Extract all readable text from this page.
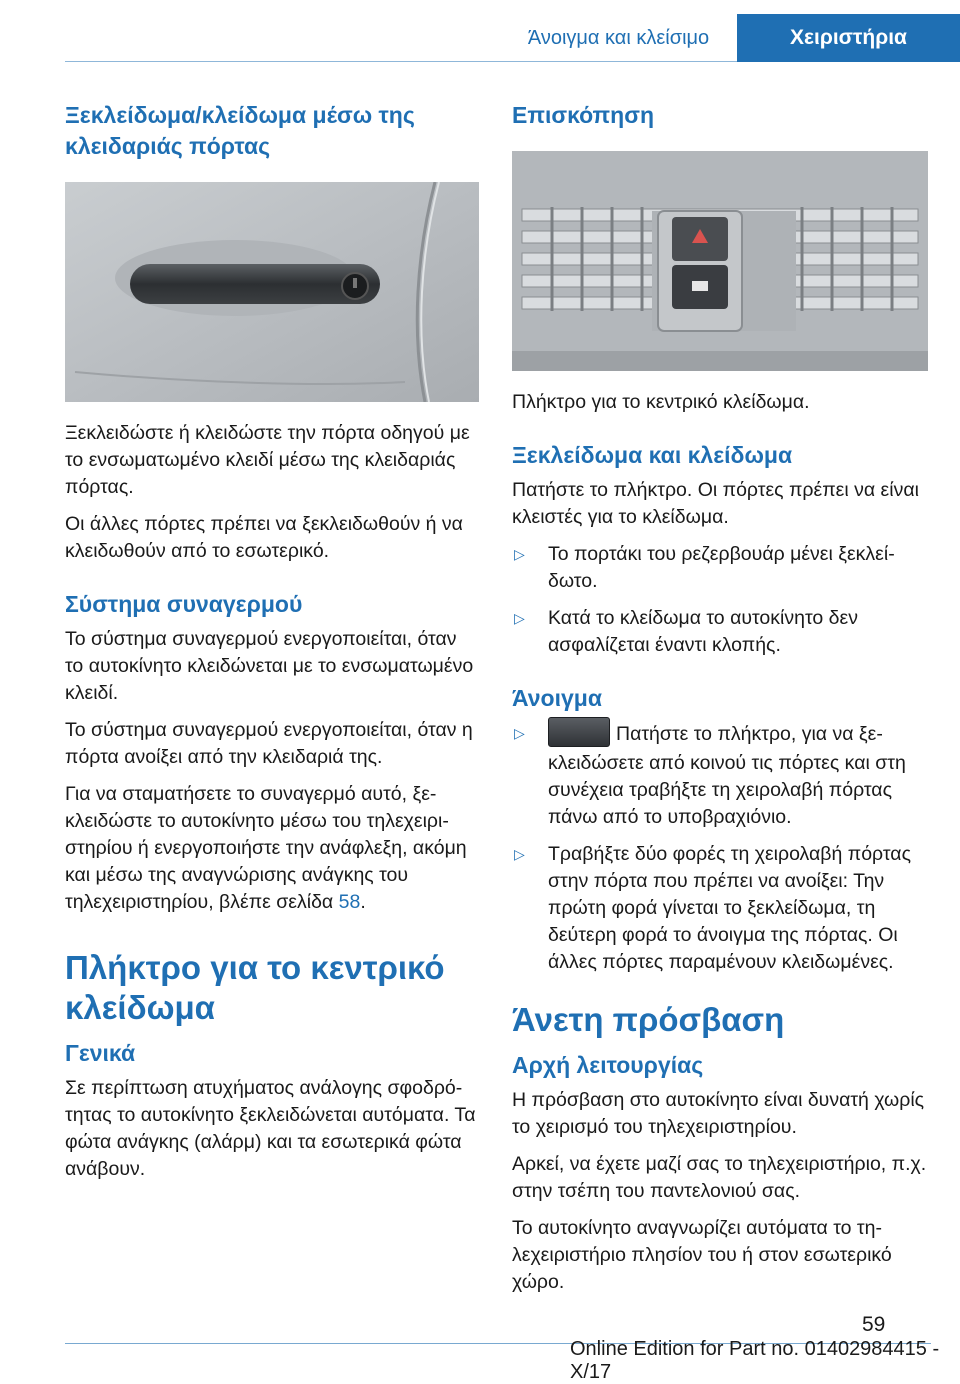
Άνοιγμα και κλείσιμο	Χειριστήρια
Ξεκλείδωμα/κλείδωμα μέσω της κλειδαριάς πόρτας

Ξεκλειδώστε ή κλειδώστε την πόρτα οδηγού με το ενσωματωμένο κλειδί μέσω της κλειδαριάς πόρτας.

Οι άλλες πόρτες πρέπει να ξεκλειδωθούν ή να κλειδωθούν από το εσωτερικό.

Σύστημα συναγερμού

Το σύστημα συναγερμού ενεργοποιείται, όταν το αυτοκίνητο κλειδώνεται με το ενσωματωμένο κλειδί.

Το σύστημα συναγερμού ενεργοποιείται, όταν η πόρτα ανοίξει από την κλειδαριά της.

Για να σταματήσετε το συναγερμό αυτό, ξεκλειδώστε το αυτοκίνητο μέσω του τηλεχειριστηρίου ή ενεργοποιήστε την ανάφλεξη, ακόμη και μέσω της αναγνώρισης ανάγκης του τηλεχειριστηρίου, βλέπε σελίδα 58.

Πλήκτρο για το κεντρικό κλείδωμα
Γενικά

Σε περίπτωση ατυχήματος ανάλογης σφοδρότητας το αυτοκίνητο ξεκλειδώνεται αυτόματα. Τα φώτα ανάγκης (αλάρμ) και τα εσωτερικά φώτα ανάβουν.

Επισκόπηση

Πλήκτρο για το κεντρικό κλείδωμα.

Ξεκλείδωμα και κλείδωμα

Πατήστε το πλήκτρο. Οι πόρτες πρέπει να είναι κλειστές για το κλείδωμα.

▷ Το πορτάκι του ρεζερβουάρ μένει ξεκλείδωτο.
▷ Κατά το κλείδωμα το αυτοκίνητο δεν ασφαλίζεται έναντι κλοπής.
Άνοιγμα
▷	Πατήστε το πλήκτρο, για να ξεκλειδώσετε από κοινού τις πόρτες και στη συνέχεια τραβήξτε τη χειρολαβή πόρτας πάνω από το υποβραχιόνιο.
▷ Τραβήξτε δύο φορές τη χειρολαβή πόρτας στην πόρτα που πρέπει να ανοίξει: Την πρώτη φορά γίνεται το ξεκλείδωμα, τη δεύτερη φορά το άνοιγμα της πόρτας. Οι άλλες πόρτες παραμένουν κλειδωμένες.
Άνετη πρόσβαση
Αρχή λειτουργίας

Η πρόσβαση στο αυτοκίνητο είναι δυνατή χωρίς το χειρισμό του τηλεχειριστηρίου.

Αρκεί, να έχετε μαζί σας το τηλεχειριστήριο, π.χ. στην τσέπη του παντελονιού σας.

Το αυτοκίνητο αναγνωρίζει αυτόματα το τηλεχειριστήριο πλησίον του ή στον εσωτερικό χώρο.

59
Online Edition for Part no. 01402984415 - X/17
